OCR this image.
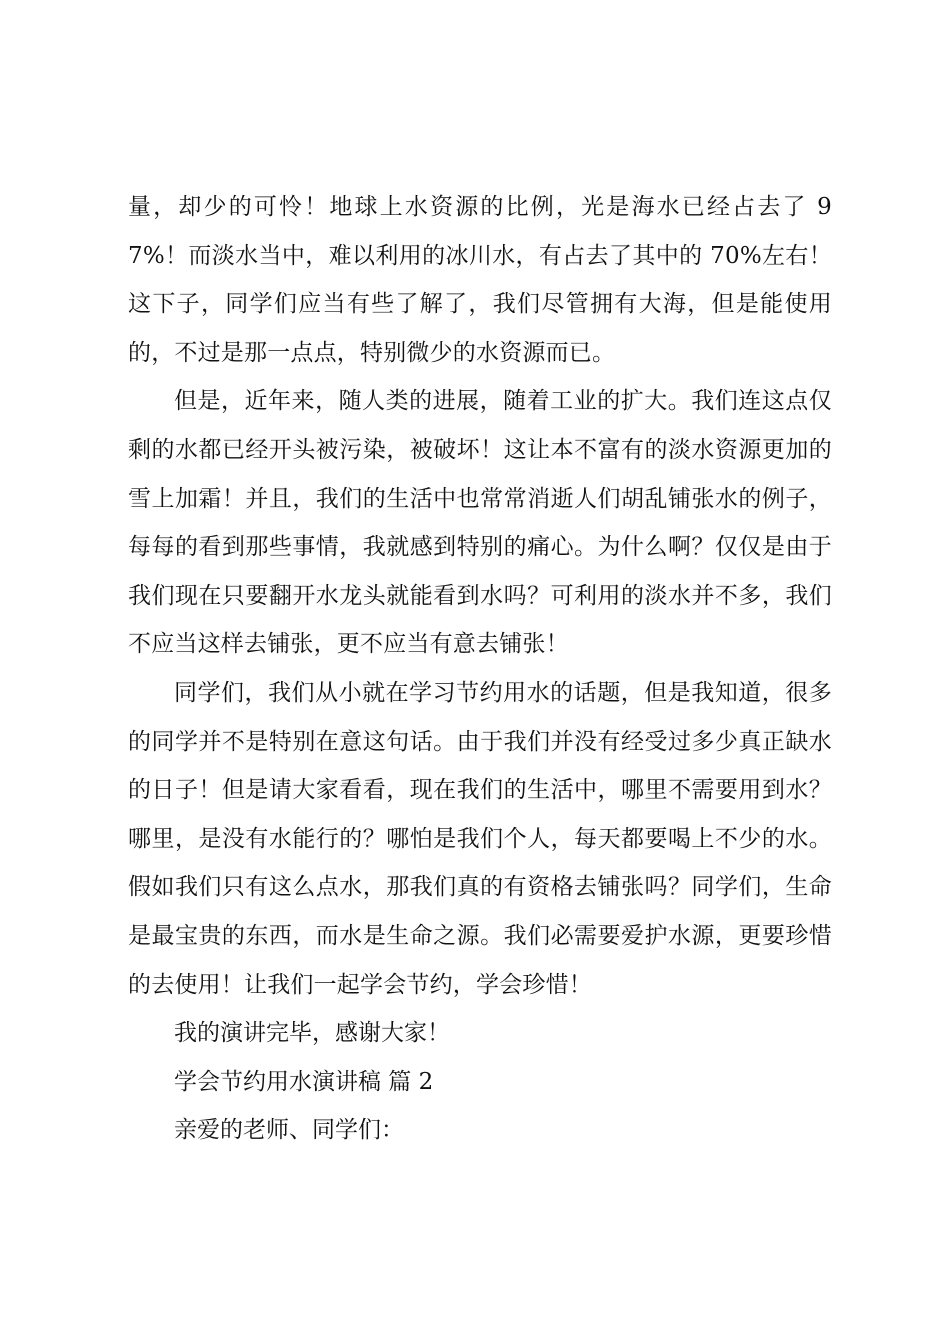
量，却少的可怜！地球上水资源的比例，光是海水已经占去了 97%！而淡水当中，难以利用的冰川水，有占去了其中的 70%左右！这下子，同学们应当有些了解了，我们尽管拥有大海，但是能使用的，不过是那一点点，特别微少的水资源而已。

但是，近年来，随人类的进展，随着工业的扩大。我们连这点仅剩的水都已经开头被污染，被破坏！这让本不富有的淡水资源更加的雪上加霜！并且，我们的生活中也常常消逝人们胡乱铺张水的例子，每每的看到那些事情，我就感到特别的痛心。为什么啊？仅仅是由于我们现在只要翻开水龙头就能看到水吗？可利用的淡水并不多，我们不应当这样去铺张，更不应当有意去铺张！

同学们，我们从小就在学习节约用水的话题，但是我知道，很多的同学并不是特别在意这句话。由于我们并没有经受过多少真正缺水的日子！但是请大家看看，现在我们的生活中，哪里不需要用到水？哪里，是没有水能行的？哪怕是我们个人，每天都要喝上不少的水。假如我们只有这么点水，那我们真的有资格去铺张吗？同学们，生命是最宝贵的东西，而水是生命之源。我们必需要爱护水源，更要珍惜的去使用！让我们一起学会节约，学会珍惜！

我的演讲完毕，感谢大家！

学会节约用水演讲稿 篇 2

亲爱的老师、同学们：
